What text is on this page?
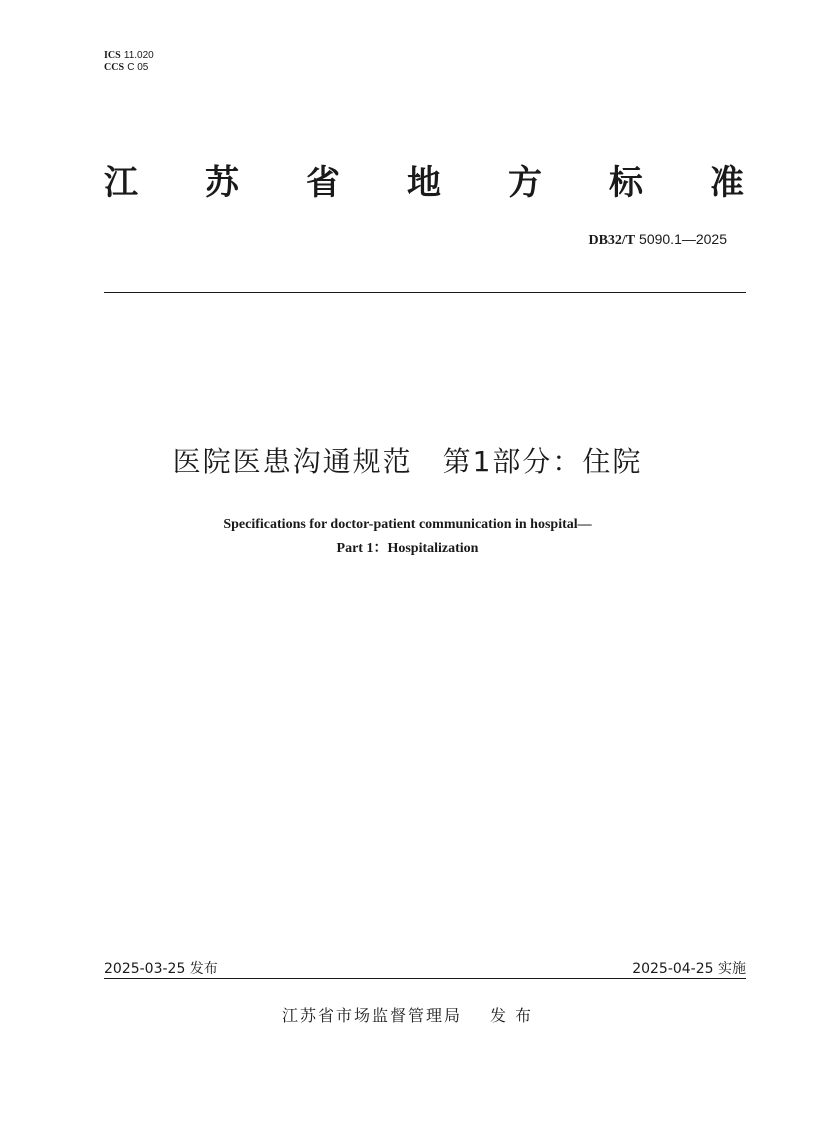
ICS 11.020
CCS C 05
江 苏 省 地 方 标 准
DB32/T 5090.1—2025
医院医患沟通规范　第1部分：住院
Specifications for doctor-patient communication in hospital—
Part 1：Hospitalization
2025-03-25 发布	2025-04-25 实施
江苏省市场监督管理局 发 布
